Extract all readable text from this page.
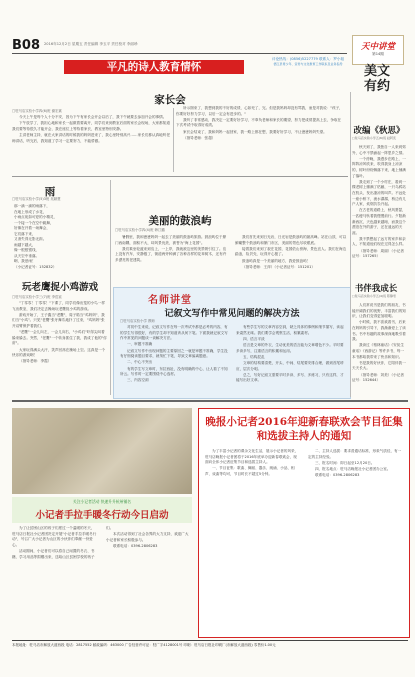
B08 2016年12月2日 星期五 责任编辑 李玉平 责任校对 李丽珍
平凡的诗人教育情怀
评论热线：(0856)5227779 联系人：罗小姐
德江县青少年、宣传与文化教育工作联系及业务指导
天中讲堂
第14期
美文
有约
家长会
□驻马店实验小学四(6)班 谢宏斌

今天上午是每个人十分不安，因为下午有家长会开会以后了，我下午就要去参加开会的事情。

下午放学了，我担心地和家长一起做着要离开，同学们来到教室后面的家长会现场，大家都知道我们要等待很久才能开会，我在座位上等待着家长，教室里特别安静。

主讲老师主持，就在大家讲话的时候我的妈妈进来了，我心里特别高兴……家长们都认真地听老师讲话，听完后，我知道了学习一定要努力，不能骄傲。

所示图来了，我想到我的不好的成绩，心如死了，完。但是我妈妈却没有骂我，而是对我说："孩子，你要好好努力学习，以后一定会有进步的。"

我听了非常感动，我决定一定要好好学习，不辜负老师和家长的期望，努力把成绩提高上去，争取在下次考试中取得好成绩。

家长会结束了，我和妈妈一起回家，我一路上都在想，我要好好学习，不让爸爸妈妈失望。

（指导老师：张超）

雨
□驻马店实验小学(5)3班 吴颖慧
那一滴一滴的雨落下，
在地上形成了水花，
小雨点宛如可爱的小精灵，
一个接一个在空中跳舞，
好像在开着一场舞会，
它们落下来，
又消失得无影无踪。
雨越下越大，
像一根根银线，
从天空中垂落。
啊，我爱雨！
（小记者证号：152832）
玩老鹰捉小鸡游戏
□驻马店实验小学三(7)班 李语宸

"丁零零！丁零零！"下课了，同学们像出笼的小鸟一样飞出教室，我们决定去操场玩老鹰捉小鸡的游戏。

游戏开始了，王子鑫当"老鹰"，周子皓当"鸡妈妈"，我们当"小鸡"。只见"老鹰"张牙舞爪地扑了过来，"鸡妈妈"张开双臂保护着我们。

"老鹰"一会儿向左，一会儿向右，"小鸡们"吓得尖叫着躲来躲去。突然，"老鹰"一个转身抓住了我，我成了他的"俘虏"。

大家玩得满头大汗，笑声回荡在操场上空。这真是一个快乐的游戏啊！

（指导老师：李霞）

美丽的鼓浪屿
□驻马店实验小学四(4)班 韩江璐

暑假里，我和爸爸妈妈一起去了美丽的鼓浪屿旅游。鼓浪屿位于厦门西南隅，面积不大，却风景优美，被誉为"海上花园"。

我们乘坐轮渡来到岛上，一上岸，我就被这里的美景吸引住了。岛上没有汽车，安静极了，街道两旁种满了各种各样的花草树木，还有许多漂亮的老建筑。

我们首先来到日光岩，日光岩是鼓浪屿的最高峰。站在山顶，可以俯瞰整个鼓浪屿和厦门市区，美丽的景色尽收眼底。

接着我们来到了菽庄花园，花园依山傍海，景色宜人。我们在海边踏浪，捡贝壳，玩得开心极了。

鼓浪屿真是一个美丽的地方，我爱鼓浪屿！

（指导老师：王萍）（小记者证号：151201）

名师讲堂
记叙文写作中常见问题的解决方法
□驻马店实验小学 教师

对初中生来说，记叙文写作在每一次考试中都是必考的内容，有的学生写得很好，有的学生却不知道该从何下笔。下面我就记叙文写作中常见的问题谈一谈解决方法。

一、审题不准确

记叙文写作中出现问题的主要原因之一就是审题不准确，学生没有仔细阅读题目要求，就匆忙下笔，导致文章偏离题意。

二、中心不突出

有的学生写文章时，东拉西扯，没有明确的中心，让人看了不知所云。写作时一定要围绕中心选材。

三、内容空洞

有些学生写的文章内容空洞，缺乏具体的事例和细节描写，读起来索然无味。我们要学会观察生活，积累素材。

四、语言平淡

语言是文章的外衣，生动优美的语言能为文章增色不少。平时要多读多写，注重语言的积累和运用。

五、结构混乱

文章的结构要清楚，开头、中间、结尾要安排合理，做到首尾呼应，层次分明。

总之，写好记叙文需要平时多读、多写、多练习，只有这样，才能写出好文章。

改编《秋思》
□驻马店实验小学五(6)班 赵阿奕

秋天到了，我独自一人来到郊外，心中不禁涌起一阵思乡之情。

一个傍晚，我漫步在路上，一阵阵凉风吹来，吹得我身上凉凉的，树叶纷纷飘落下来，地上铺满了落叶。

我走到了一个小村庄，看到一棵老树上缠满了枯藤，一只乌鸦站在枝头，发出凄凉的叫声。不远处一座小桥下，流水潺潺，桥边有几户人家，炊烟袅袅升起。

在古老的道路上，秋风萧瑟，一匹瘦马驮着我慢慢前行。夕阳渐渐西沉，天色越来越暗，而我这个漂泊在外的游子，还在遥远的天涯。

我不禁想起了远方的家乡和亲人，不知道他们现在过得怎么样。

（指导老师：周丽）（小记者证号：157265）

书伴我成长
□驻马店实验小学五(4)班 陈静雯

人们常说书是我们的朋友，书能开阔我们的视野，丰富我们的知识，让我们变得更加聪明。

小时候，我不喜欢看书，后来在妈妈的引导下，我渐渐爱上了读书。书中有趣的故事深深地吸引着我。

我读过《格林童话》《安徒生童话》《西游记》等许多书，每一本书都给我带来了快乐和知识。

书是我的好伙伴，它陪伴我一天天长大。

（指导老师：刘美）（小记者证号：152644）

关注小记者活动 快速升升杭州铺名
小记者手拉手暖冬行动今日启动

为了让贫困山区的孩子们度过一个温暖的冬天，驻马店日报社小记者团决定开展"小记者手拉手暖冬行动"，号召广大小记者为山区的小伙伴们奉献一份爱心。

活动期间，小记者们可以将自己闲置的冬衣、书籍、学习用品等捐赠出来，送给山区贫困学校的孩子们。

本次活动得到了社会各界的大力支持，欢迎广大小记者和家长积极参与。

联系电话：0396-2806283

晚报小记者2016年迎新春联欢会节目征集和选拔主持人的通知

为了丰富小记者的课余文化生活，展示小记者的风采，驻马店晚报小记者团将于2016年底举办迎新春联欢会，现面向全体小记者征集节目和选拔主持人。

一、节目征集：歌曲、舞蹈、器乐、朗诵、小品、相声、戏曲等均可，节目时长不超过5分钟。

二、主持人选拔：要求普通话标准，形象气质佳，有一定的主持经验。

三、报名时间：即日起至12月20日。

四、报名地点：驻马店晚报社小记者团办公室。

联系电话：0396-2806283

本报地址：驻马店市解放大道西段 电话：2817552 邮政编码：463000 广告经营许可证：驻广字4128001号 印刷：驻马店日报社印刷厂(市解放大道西段) 零售价1.00元
